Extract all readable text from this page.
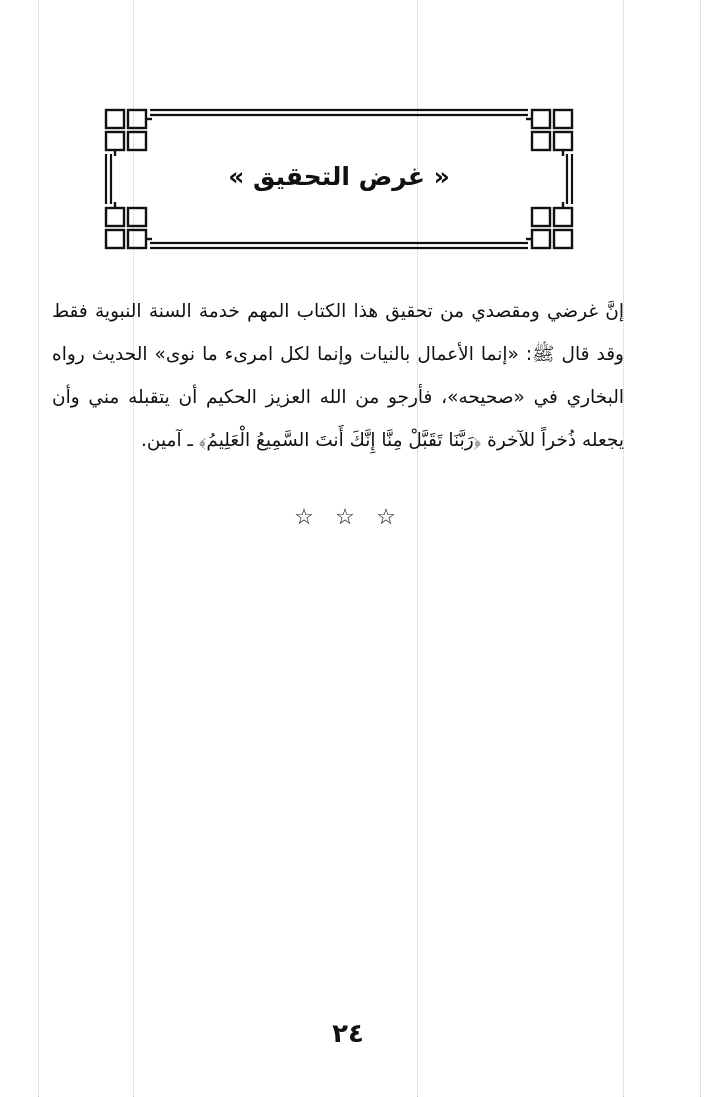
« غرض التحقيق »

إنَّ غرضي ومقصدي من تحقيق هذا الكتاب المهم خدمة السنة النبوية فقط وقد قال ﷺ: «إنما الأعمال بالنيات وإنما لكل امرىء ما نوى» الحديث رواه البخاري في «صحيحه»، فأرجو من الله العزيز الحكيم أن يتقبله مني وأن يجعله ذُخراً للآخرة ﴿رَبَّنَا تَقَبَّلْ مِنَّا إِنَّكَ أَنتَ السَّمِيعُ الْعَلِيمُ﴾ ـ آمين.

☆ ☆ ☆
٢٤
